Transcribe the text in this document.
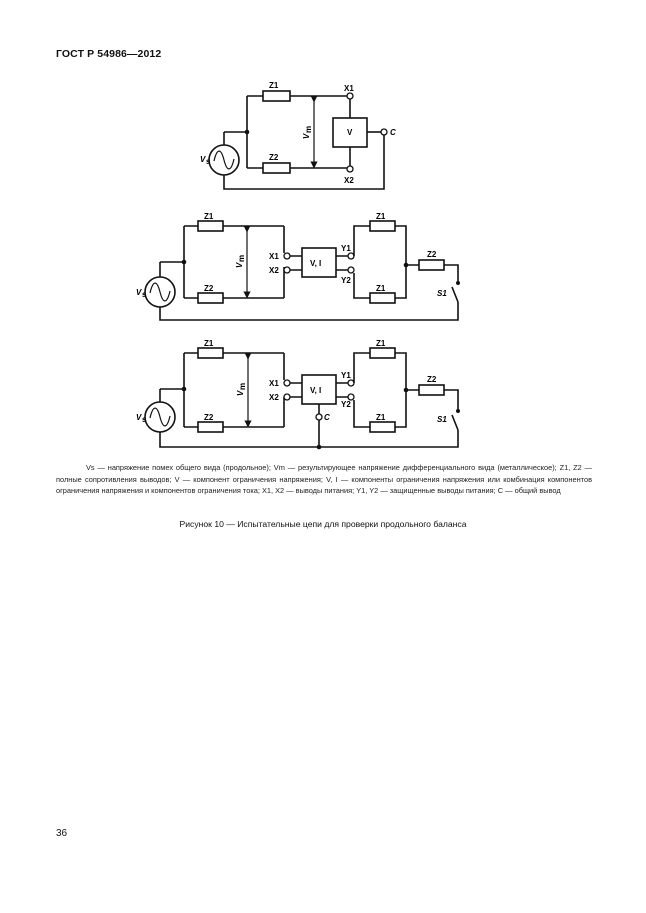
ГОСТ Р 54986—2012
Z1
Z2
X1
X2
V	C
V s
V
m
Z1
Z2
X1
X2
V, I
Y1
Y2
Z1
Z1
Z2
S1
V s
V
m
Z1
Z2
X1
X2
V, I
Y1
Y2
C
Z1
Z1
Z2
S1
V s
V
m

Vs — напряжение помех общего вида (продольное); Vm — результирующее напряжение дифференциального вида (металлическое); Z1, Z2 — полные сопротивления выводов; V — компонент ограничения напряжения; V, I — компоненты ограничения напряжения или комбинация компонентов ограничения напряжения и компонентов ограничения тока; X1, X2 — выводы питания; Y1, Y2 — защищенные выводы питания; C — общий вывод

Рисунок 10 — Испытательные цепи для проверки продольного баланса
36
